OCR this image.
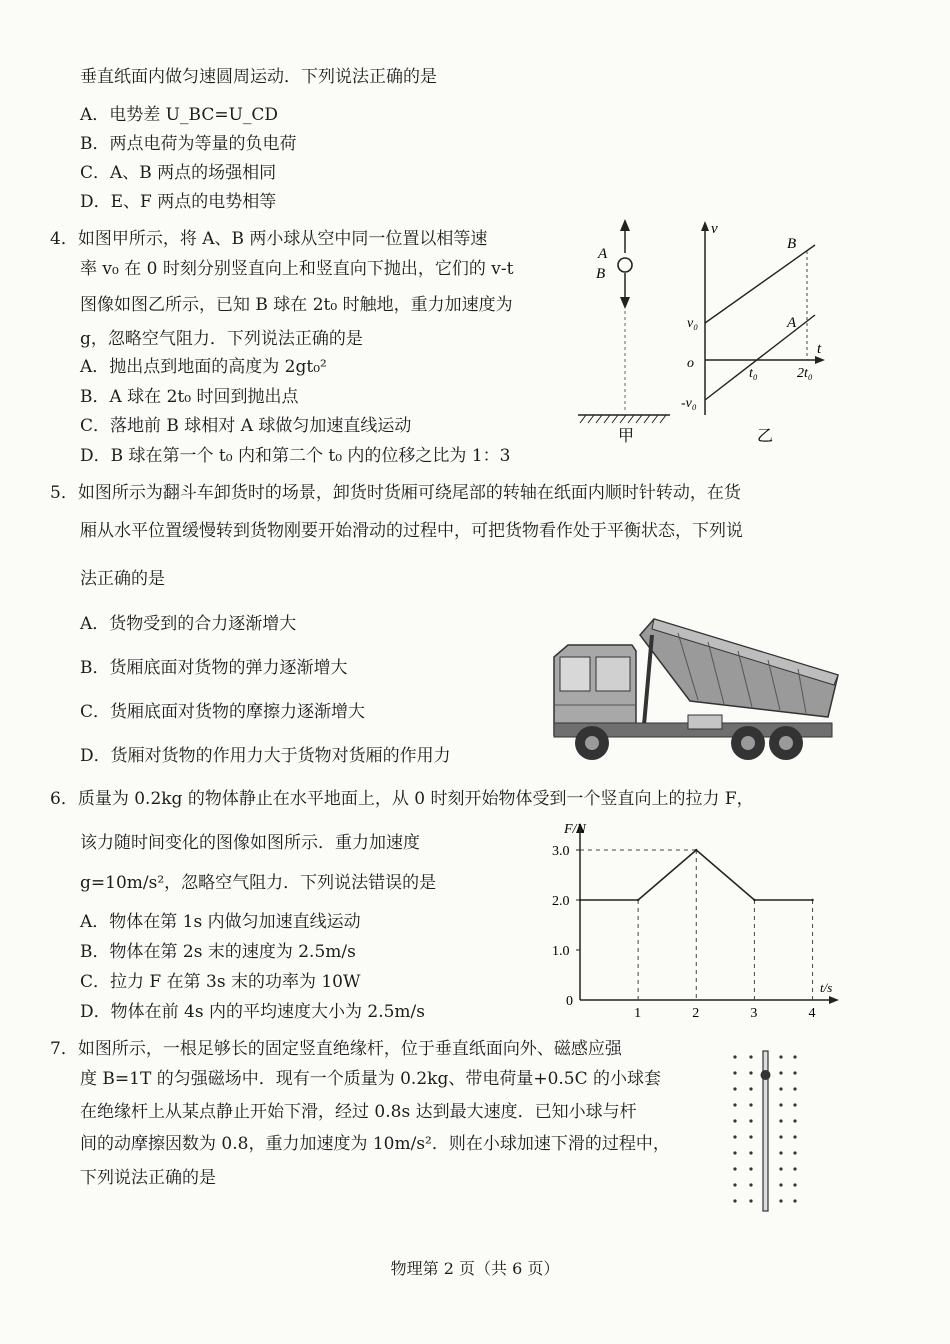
垂直纸面内做匀速圆周运动．下列说法正确的是
A．电势差 U_BC=U_CD
B．两点电荷为等量的负电荷
C．A、B 两点的场强相同
D．E、F 两点的电势相等
4．如图甲所示，将 A、B 两小球从空中同一位置以相等速
率 v₀ 在 0 时刻分别竖直向上和竖直向下抛出，它们的 v-t
图像如图乙所示，已知 B 球在 2t₀ 时触地，重力加速度为
g，忽略空气阻力．下列说法正确的是
A．抛出点到地面的高度为 2gt₀²
B．A 球在 2t₀ 时回到抛出点
C．落地前 B 球相对 A 球做匀加速直线运动
D．B 球在第一个 t₀ 内和第二个 t₀ 内的位移之比为 1：3
A
B
甲
v
t
o
v₀
-v₀
B
A
t₀	2t₀
乙
5．如图所示为翻斗车卸货时的场景，卸货时货厢可绕尾部的转轴在纸面内顺时针转动，在货
厢从水平位置缓慢转到货物刚要开始滑动的过程中，可把货物看作处于平衡状态，下列说
法正确的是
A．货物受到的合力逐渐增大
B．货厢底面对货物的弹力逐渐增大
C．货厢底面对货物的摩擦力逐渐增大
D．货厢对货物的作用力大于货物对货厢的作用力
6．质量为 0.2kg 的物体静止在水平地面上，从 0 时刻开始物体受到一个竖直向上的拉力 F，
该力随时间变化的图像如图所示．重力加速度
g=10m/s²，忽略空气阻力．下列说法错误的是
A．物体在第 1s 内做匀加速直线运动
B．物体在第 2s 末的速度为 2.5m/s
C．拉力 F 在第 3s 末的功率为 10W
D．物体在前 4s 内的平均速度大小为 2.5m/s
F/N
t/s
0
1.0
2.0
3.0
1	2	3	4
7．如图所示，一根足够长的固定竖直绝缘杆，位于垂直纸面向外、磁感应强
度 B=1T 的匀强磁场中．现有一个质量为 0.2kg、带电荷量+0.5C 的小球套
在绝缘杆上从某点静止开始下滑，经过 0.8s 达到最大速度．已知小球与杆
间的动摩擦因数为 0.8，重力加速度为 10m/s²．则在小球加速下滑的过程中，
下列说法正确的是
物理第 2 页（共 6 页）
